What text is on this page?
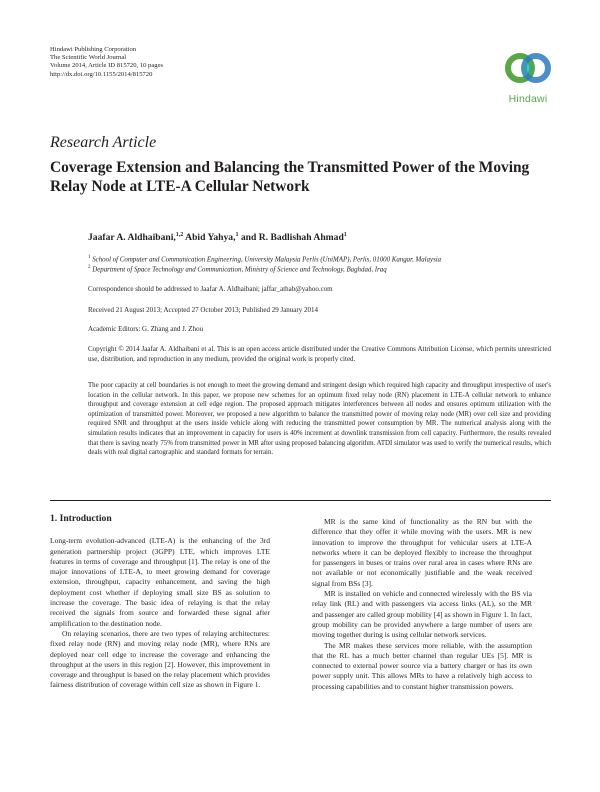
Hindawi Publishing Corporation
The Scientific World Journal
Volume 2014, Article ID 815720, 10 pages
http://dx.doi.org/10.1155/2014/815720
Hindawi
Research Article
Coverage Extension and Balancing the Transmitted Power of the Moving Relay Node at LTE-A Cellular Network
Jaafar A. Aldhaibani,$^{1,2}$ Abid Yahya,$^1$ and R. Badlishah Ahmad$^1$
$^1$ School of Computer and Communication Engineering, University Malaysia Perlis (UniMAP), Perlis, 01000 Kangar, Malaysia
$^2$ Department of Space Technology and Communication, Ministry of Science and Technology, Baghdad, Iraq
Correspondence should be addressed to Jaafar A. Aldhaibani; jaffar_athab@yahoo.com
Received 21 August 2013; Accepted 27 October 2013; Published 29 January 2014
Academic Editors: G. Zhang and J. Zhou
Copyright © 2014 Jaafar A. Aldhaibani et al. This is an open access article distributed under the Creative Commons Attribution License, which permits unrestricted use, distribution, and reproduction in any medium, provided the original work is properly cited.
The poor capacity at cell boundaries is not enough to meet the growing demand and stringent design which required high capacity and throughput irrespective of user's location in the cellular network. In this paper, we propose new schemes for an optimum fixed relay node (RN) placement in LTE-A cellular network to enhance throughput and coverage extension at cell edge region. The proposed approach mitigates interferences between all nodes and ensures optimum utilization with the optimization of transmitted power. Moreover, we proposed a new algorithm to balance the transmitted power of moving relay node (MR) over cell size and providing required SNR and throughput at the users inside vehicle along with reducing the transmitted power consumption by MR. The numerical analysis along with the simulation results indicates that an improvement in capacity for users is 40% increment at downlink transmission from cell capacity. Furthermore, the results revealed that there is saving nearly 75% from transmitted power in MR after using proposed balancing algorithm. ATDI simulator was used to verify the numerical results, which deals with real digital cartographic and standard formats for terrain.
1. Introduction

Long-term evolution-advanced (LTE-A) is the enhancing of the 3rd generation partnership project (3GPP) LTE, which improves LTE features in terms of coverage and throughput [1]. The relay is one of the major innovations of LTE-A, to meet growing demand for coverage extension, throughput, capacity enhancement, and saving the high deployment cost whether if deploying small size BS as solution to increase the coverage. The basic idea of relaying is that the relay received the signals from source and forwarded these signal after amplification to the destination node.

On relaying scenarios, there are two types of relaying architectures: fixed relay node (RN) and moving relay node (MR), where RNs are deployed near cell edge to increase the coverage and enhancing the throughput at the users in this region [2]. However, this improvement in coverage and throughput is based on the relay placement which provides fairness distribution of coverage within cell size as shown in Figure 1.

MR is the same kind of functionality as the RN but with the difference that they offer it while moving with the users. MR is new innovation to improve the throughput for vehicular users at LTE-A networks where it can be deployed flexibly to increase the throughput for passengers in buses or trains over rural area in cases where RNs are not available or not economically justifiable and the weak received signal from BSs [3].

MR is installed on vehicle and connected wirelessly with the BS via relay link (RL) and with passengers via access links (AL), so the MR and passenger are called group mobility [4] as shown in Figure 1. In fact, group mobility can be provided anywhere a large number of users are moving together during is using cellular network services.

The MR makes these services more reliable, with the assumption that the RL has a much better channel than regular UEs [5]. MR is connected to external power source via a battery charger or has its own power supply unit. This allows MRs to have a relatively high access to processing capabilities and to constant higher transmission powers.
